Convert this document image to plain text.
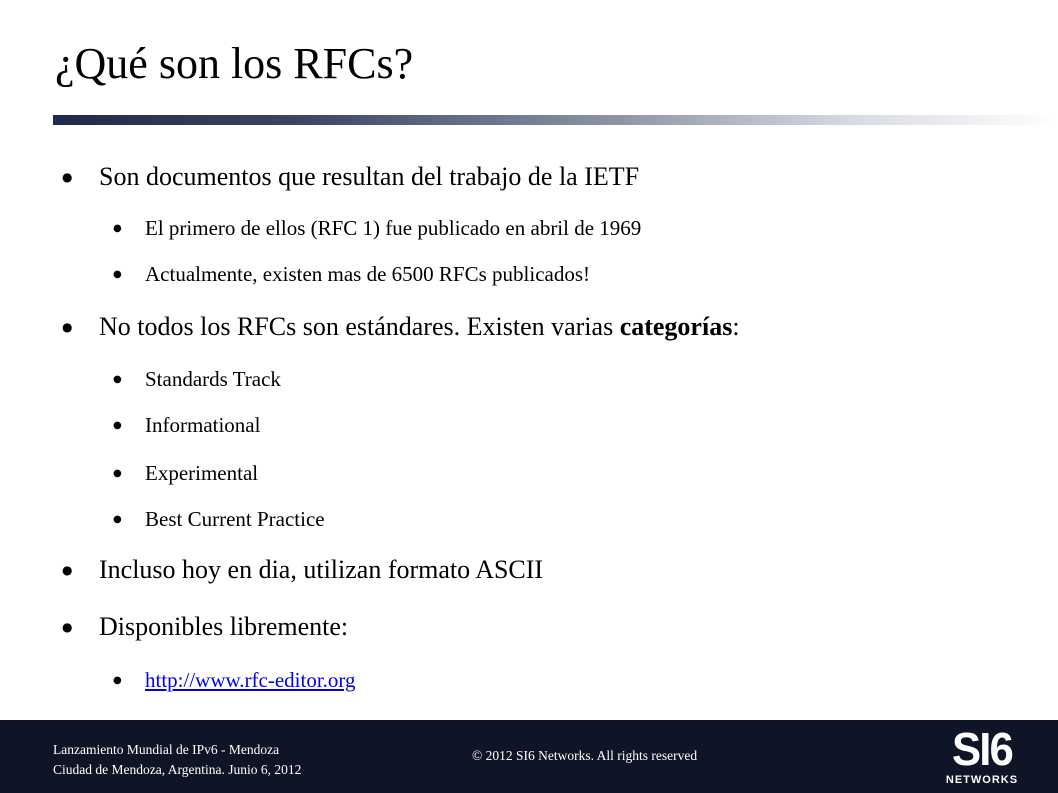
¿Qué son los RFCs?
●	Son documentos que resultan del trabajo de la IETF
●	El primero de ellos (RFC 1) fue publicado en abril de 1969
●	Actualmente, existen mas de 6500 RFCs publicados!
●	No todos los RFCs son estándares. Existen varias categorías:
●	Standards Track
●	Informational
●	Experimental
●	Best Current Practice
●	Incluso hoy en dia, utilizan formato ASCII
●	Disponibles libremente:
●	http://www.rfc-editor.org
Lanzamiento Mundial de IPv6 - Mendoza
Ciudad de Mendoza, Argentina. Junio 6, 2012
© 2012 SI6 Networks. All rights reserved	SI6
NETWORKS
